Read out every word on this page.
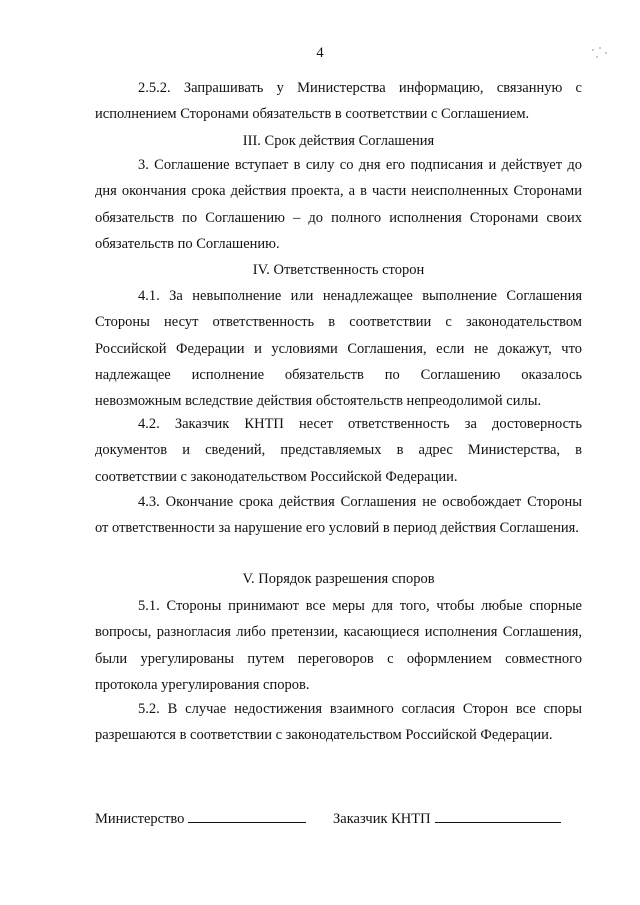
4

2.5.2. Запрашивать у Министерства информацию, связанную с исполнением Сторонами обязательств в соответствии с Соглашением.

III. Срок действия Соглашения

3. Соглашение вступает в силу со дня его подписания и действует до дня окончания срока действия проекта, а в части неисполненных Сторонами обязательств по Соглашению – до полного исполнения Сторонами своих обязательств по Соглашению.

IV. Ответственность сторон

4.1. За невыполнение или ненадлежащее выполнение Соглашения Стороны несут ответственность в соответствии с законодательством Российской Федерации и условиями Соглашения, если не докажут, что надлежащее исполнение обязательств по Соглашению оказалось невозможным вследствие действия обстоятельств непреодолимой силы.

4.2. Заказчик КНТП несет ответственность за достоверность документов и сведений, представляемых в адрес Министерства, в соответствии с законодательством Российской Федерации.

4.3. Окончание срока действия Соглашения не освобождает Стороны от ответственности за нарушение его условий в период действия Соглашения.

V. Порядок разрешения споров

5.1. Стороны принимают все меры для того, чтобы любые спорные вопросы, разногласия либо претензии, касающиеся исполнения Соглашения, были урегулированы путем переговоров с оформлением совместного протокола урегулирования споров.

5.2. В случае недостижения взаимного согласия Сторон все споры разрешаются в соответствии с законодательством Российской Федерации.

Министерство	Заказчик КНТП
